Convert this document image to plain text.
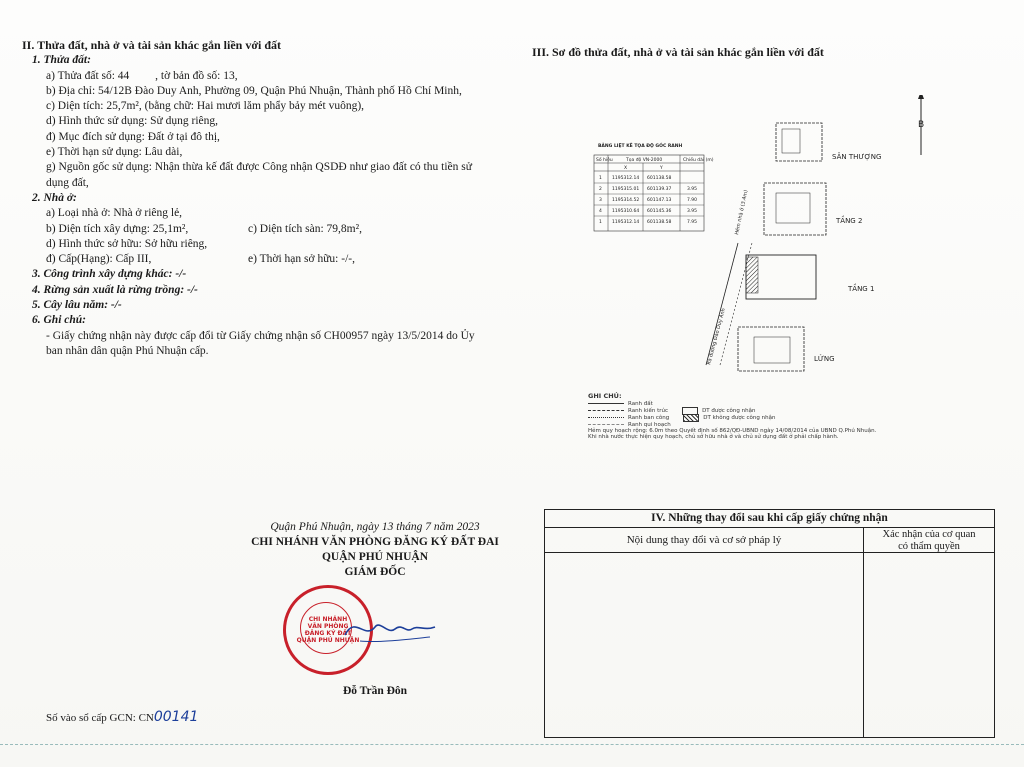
II. Thửa đất, nhà ở và tài sản khác gắn liền với đất
1. Thửa đất:
a) Thửa đất số: 44         , tờ bản đồ số: 13,
b) Địa chỉ: 54/12B Đào Duy Anh, Phường 09, Quận Phú Nhuận, Thành phố Hồ Chí Minh,
c) Diện tích: 25,7m², (bằng chữ: Hai mươi lăm phẩy bảy mét vuông),
d) Hình thức sử dụng: Sử dụng riêng,
đ) Mục đích sử dụng: Đất ở tại đô thị,
e) Thời hạn sử dụng: Lâu dài,
g) Nguồn gốc sử dụng: Nhận thừa kế đất được Công nhận QSDĐ như giao đất có thu tiền sử dụng đất,
2. Nhà ở:
a) Loại nhà ở: Nhà ở riêng lẻ,
b) Diện tích xây dựng: 25,1m²,	c) Diện tích sàn: 79,8m²,
d) Hình thức sở hữu: Sở hữu riêng,
đ) Cấp(Hạng): Cấp III,	e) Thời hạn sở hữu: -/-,
3. Công trình xây dựng khác: -/-
4. Rừng sản xuất là rừng trồng: -/-
5. Cây lâu năm: -/-
6. Ghi chú:
- Giấy chứng nhận này được cấp đổi từ Giấy chứng nhận số CH00957 ngày 13/5/2014 do Ủy ban nhân dân quận Phú Nhuận cấp.
Quận Phú Nhuận, ngày 13 tháng 7 năm 2023
CHI NHÁNH VĂN PHÒNG ĐĂNG KÝ ĐẤT ĐAI
QUẬN PHÚ NHUẬN
GIÁM ĐỐC
Đỗ Trần Đôn
CHI NHÁNH
VĂN PHÒNG
ĐĂNG KÝ ĐẤT
QUẬN PHÚ NHUẬN
Số vào sổ cấp GCN: CN00141
III. Sơ đồ thửa đất, nhà ở và tài sản khác gắn liền với đất
B
BẢNG LIỆT KÊ TỌA ĐỘ GÓC RANH
Số hiệu	Tọa độ VN-2000	Chiều dài (m)
X	Y
1 1195312.14 601138.58
2 1195315.01 601139.37	3.95
3 1195314.52 601147.13	7.90
4 1195310.64 601145.36	3.95
1 1195312.14 601138.58	7.95
Ra đường Đào Duy Anh
Hẻm nhà ở (3.4m)
SÂN THƯỢNG
TẦNG 2
TẦNG 1
LỬNG
GHI CHÚ:
Ranh đất
Ranh kiến trúc	DT được công nhận
Ranh ban công	DT không được công nhận
Ranh qui hoạch
Hẻm quy hoạch rộng: 6.0m theo Quyết định số 862/QĐ-UBND ngày 14/08/2014 của UBND Q.Phú Nhuận.
Khi nhà nước thực hiện quy hoạch, chủ sở hữu nhà ở và chủ sử dụng đất ở phải chấp hành.
IV. Những thay đổi sau khi cấp giấy chứng nhận
Nội dung thay đổi và cơ sở pháp lý	Xác nhận của cơ quan
có thẩm quyền
